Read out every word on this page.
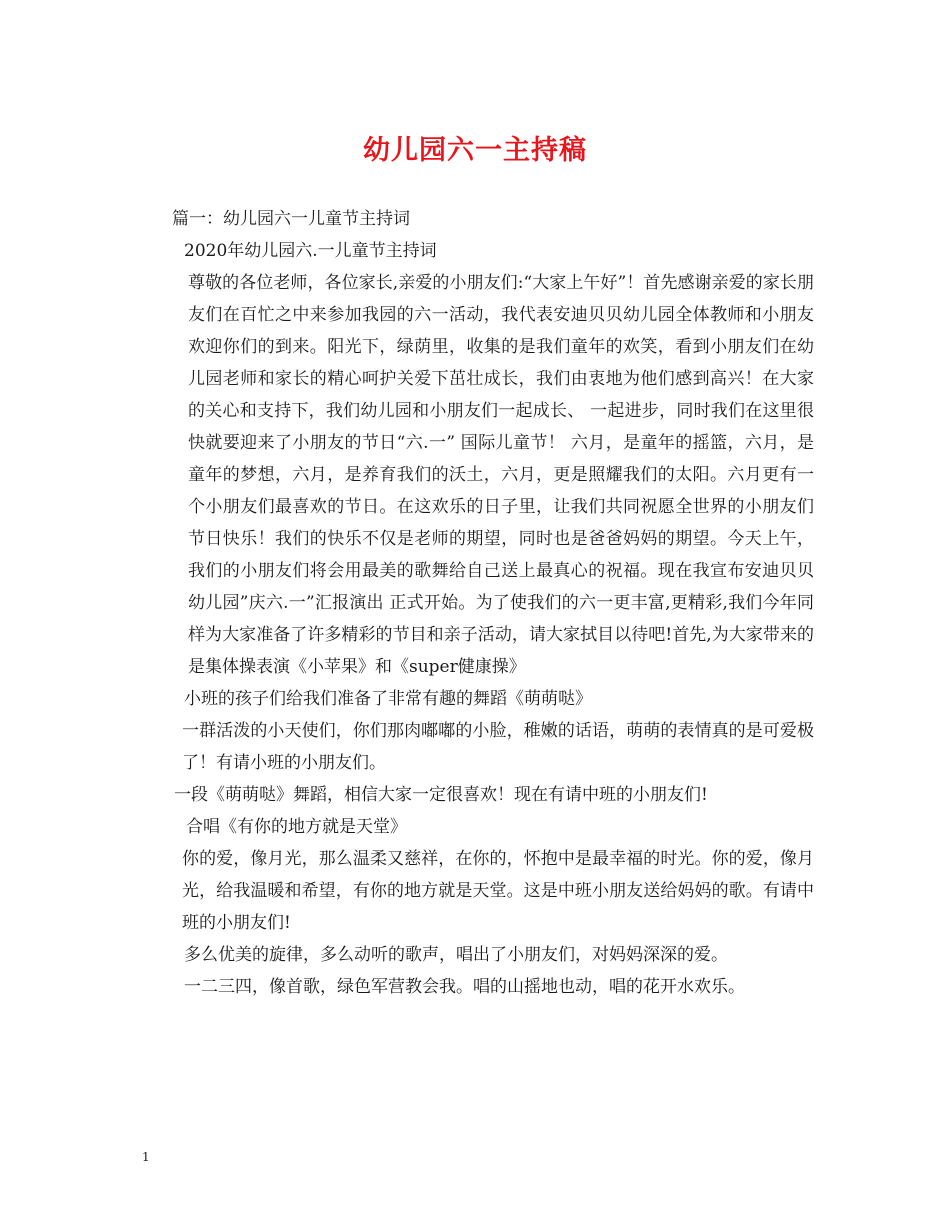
幼儿园六一主持稿

篇一：幼儿园六一儿童节主持词

2020年幼儿园六.一儿童节主持词

尊敬的各位老师，各位家长,亲爱的小朋友们:“大家上午好”！首先感谢亲爱的家长朋友们在百忙之中来参加我园的六一活动，我代表安迪贝贝幼儿园全体教师和小朋友欢迎你们的到来。阳光下，绿荫里，收集的是我们童年的欢笑，看到小朋友们在幼儿园老师和家长的精心呵护关爱下茁壮成长，我们由衷地为他们感到高兴！在大家的关心和支持下，我们幼儿园和小朋友们一起成长、 一起进步，同时我们在这里很快就要迎来了小朋友的节日“六.一” 国际儿童节！ 六月，是童年的摇篮，六月，是童年的梦想，六月，是养育我们的沃土，六月，更是照耀我们的太阳。六月更有一个小朋友们最喜欢的节日。在这欢乐的日子里，让我们共同祝愿全世界的小朋友们节日快乐！我们的快乐不仅是老师的期望，同时也是爸爸妈妈的期望。今天上午，我们的小朋友们将会用最美的歌舞给自己送上最真心的祝福。现在我宣布安迪贝贝幼儿园”庆六.一”汇报演出 正式开始。为了使我们的六一更丰富,更精彩,我们今年同样为大家准备了许多精彩的节目和亲子活动，请大家拭目以待吧!首先,为大家带来的是集体操表演《小苹果》和《super健康操》

小班的孩子们给我们准备了非常有趣的舞蹈《萌萌哒》

一群活泼的小天使们，你们那肉嘟嘟的小脸，稚嫩的话语，萌萌的表情真的是可爱极了！有请小班的小朋友们。

一段《萌萌哒》舞蹈，相信大家一定很喜欢！现在有请中班的小朋友们!

合唱《有你的地方就是天堂》

你的爱，像月光，那么温柔又慈祥，在你的，怀抱中是最幸福的时光。你的爱，像月光，给我温暖和希望，有你的地方就是天堂。这是中班小朋友送给妈妈的歌。有请中班的小朋友们!

多么优美的旋律，多么动听的歌声，唱出了小朋友们，对妈妈深深的爱。

一二三四，像首歌，绿色军营教会我。唱的山摇地也动，唱的花开水欢乐。

1
